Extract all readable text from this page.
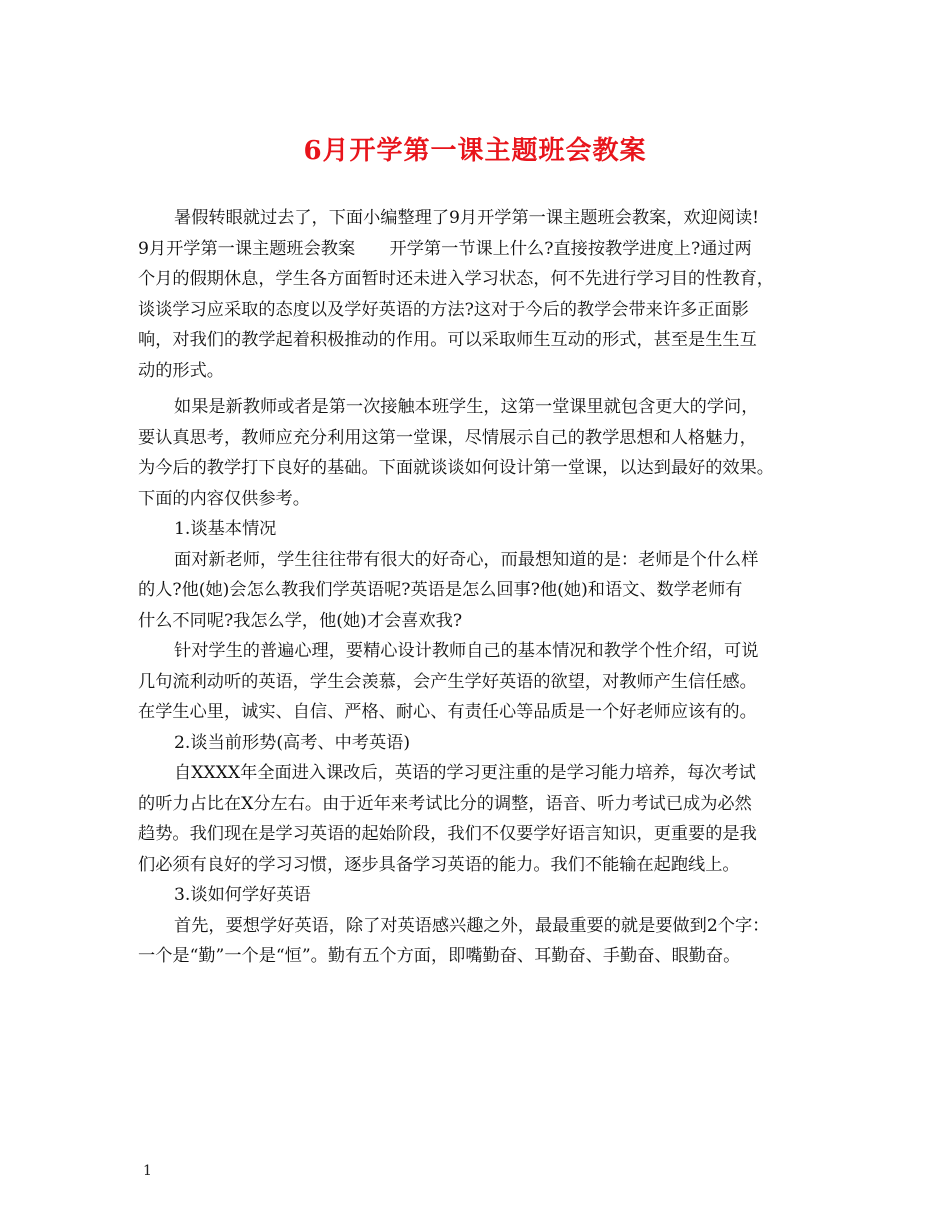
6月开学第一课主题班会教案
暑假转眼就过去了，下面小编整理了9月开学第一课主题班会教案，欢迎阅读!
9月开学第一课主题班会教案　　开学第一节课上什么?直接按教学进度上?通过两
个月的假期休息，学生各方面暂时还未进入学习状态，何不先进行学习目的性教育，
谈谈学习应采取的态度以及学好英语的方法?这对于今后的教学会带来许多正面影
响，对我们的教学起着积极推动的作用。可以采取师生互动的形式，甚至是生生互
动的形式。
如果是新教师或者是第一次接触本班学生，这第一堂课里就包含更大的学问，
要认真思考，教师应充分利用这第一堂课，尽情展示自己的教学思想和人格魅力，
为今后的教学打下良好的基础。下面就谈谈如何设计第一堂课，以达到最好的效果。
下面的内容仅供参考。
1.谈基本情况
面对新老师，学生往往带有很大的好奇心，而最想知道的是：老师是个什么样
的人?他(她)会怎么教我们学英语呢?英语是怎么回事?他(她)和语文、数学老师有
什么不同呢?我怎么学，他(她)才会喜欢我?
针对学生的普遍心理，要精心设计教师自己的基本情况和教学个性介绍，可说
几句流利动听的英语，学生会羡慕，会产生学好英语的欲望，对教师产生信任感。
在学生心里，诚实、自信、严格、耐心、有责任心等品质是一个好老师应该有的。
2.谈当前形势(高考、中考英语)
自XXXX年全面进入课改后，英语的学习更注重的是学习能力培养，每次考试
的听力占比在X分左右。由于近年来考试比分的调整，语音、听力考试已成为必然
趋势。我们现在是学习英语的起始阶段，我们不仅要学好语言知识，更重要的是我
们必须有良好的学习习惯，逐步具备学习英语的能力。我们不能输在起跑线上。
3.谈如何学好英语
首先，要想学好英语，除了对英语感兴趣之外，最最重要的就是要做到2个字：
一个是“勤”一个是“恒”。勤有五个方面，即嘴勤奋、耳勤奋、手勤奋、眼勤奋。
1
